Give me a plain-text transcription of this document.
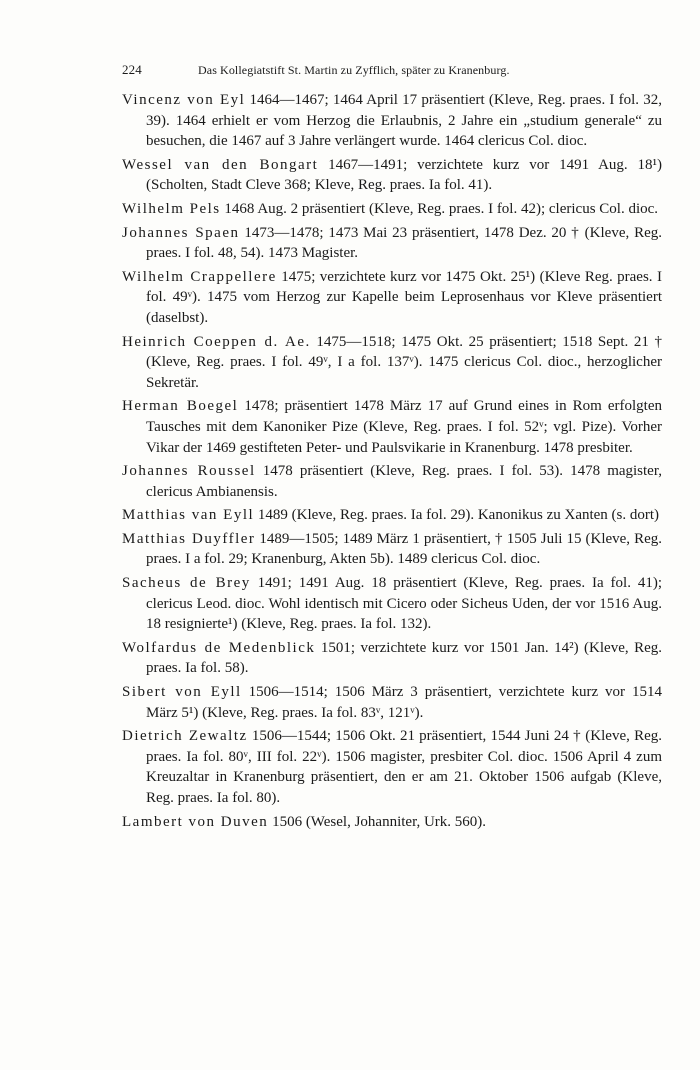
224	Das Kollegiatstift St. Martin zu Zyfflich, später zu Kranenburg.

Vincenz von Eyl 1464—1467; 1464 April 17 präsentiert (Kleve, Reg. praes. I fol. 32, 39). 1464 erhielt er vom Herzog die Erlaubnis, 2 Jahre ein „studium generale“ zu besuchen, die 1467 auf 3 Jahre verlängert wurde. 1464 clericus Col. dioc.

Wessel van den Bongart 1467—1491; verzichtete kurz vor 1491 Aug. 18¹) (Scholten, Stadt Cleve 368; Kleve, Reg. praes. Ia fol. 41).

Wilhelm Pels 1468 Aug. 2 präsentiert (Kleve, Reg. praes. I fol. 42); clericus Col. dioc.

Johannes Spaen 1473—1478; 1473 Mai 23 präsentiert, 1478 Dez. 20 † (Kleve, Reg. praes. I fol. 48, 54). 1473 Magister.

Wilhelm Crappellere 1475; verzichtete kurz vor 1475 Okt. 25¹) (Kleve Reg. praes. I fol. 49ᵛ). 1475 vom Herzog zur Kapelle beim Leprosenhaus vor Kleve präsentiert (daselbst).

Heinrich Coeppen d. Ae. 1475—1518; 1475 Okt. 25 präsentiert; 1518 Sept. 21 † (Kleve, Reg. praes. I fol. 49ᵛ, I a fol. 137ᵛ). 1475 clericus Col. dioc., herzoglicher Sekretär.

Herman Boegel 1478; präsentiert 1478 März 17 auf Grund eines in Rom erfolgten Tausches mit dem Kanoniker Pize (Kleve, Reg. praes. I fol. 52ᵛ; vgl. Pize). Vorher Vikar der 1469 gestifteten Peter- und Paulsvikarie in Kranenburg. 1478 presbiter.

Johannes Roussel 1478 präsentiert (Kleve, Reg. praes. I fol. 53). 1478 magister, clericus Ambianensis.

Matthias van Eyll 1489 (Kleve, Reg. praes. Ia fol. 29). Kanonikus zu Xanten (s. dort)

Matthias Duyffler 1489—1505; 1489 März 1 präsentiert, † 1505 Juli 15 (Kleve, Reg. praes. I a fol. 29; Kranenburg, Akten 5b). 1489 clericus Col. dioc.

Sacheus de Brey 1491; 1491 Aug. 18 präsentiert (Kleve, Reg. praes. Ia fol. 41); clericus Leod. dioc. Wohl identisch mit Cicero oder Sicheus Uden, der vor 1516 Aug. 18 resignierte¹) (Kleve, Reg. praes. Ia fol. 132).

Wolfardus de Medenblick 1501; verzichtete kurz vor 1501 Jan. 14²) (Kleve, Reg. praes. Ia fol. 58).

Sibert von Eyll 1506—1514; 1506 März 3 präsentiert, verzichtete kurz vor 1514 März 5¹) (Kleve, Reg. praes. Ia fol. 83ᵛ, 121ᵛ).

Dietrich Zewaltz 1506—1544; 1506 Okt. 21 präsentiert, 1544 Juni 24 † (Kleve, Reg. praes. Ia fol. 80ᵛ, III fol. 22ᵛ). 1506 magister, presbiter Col. dioc. 1506 April 4 zum Kreuzaltar in Kranenburg präsentiert, den er am 21. Oktober 1506 aufgab (Kleve, Reg. praes. Ia fol. 80).

Lambert von Duven 1506 (Wesel, Johanniter, Urk. 560).
